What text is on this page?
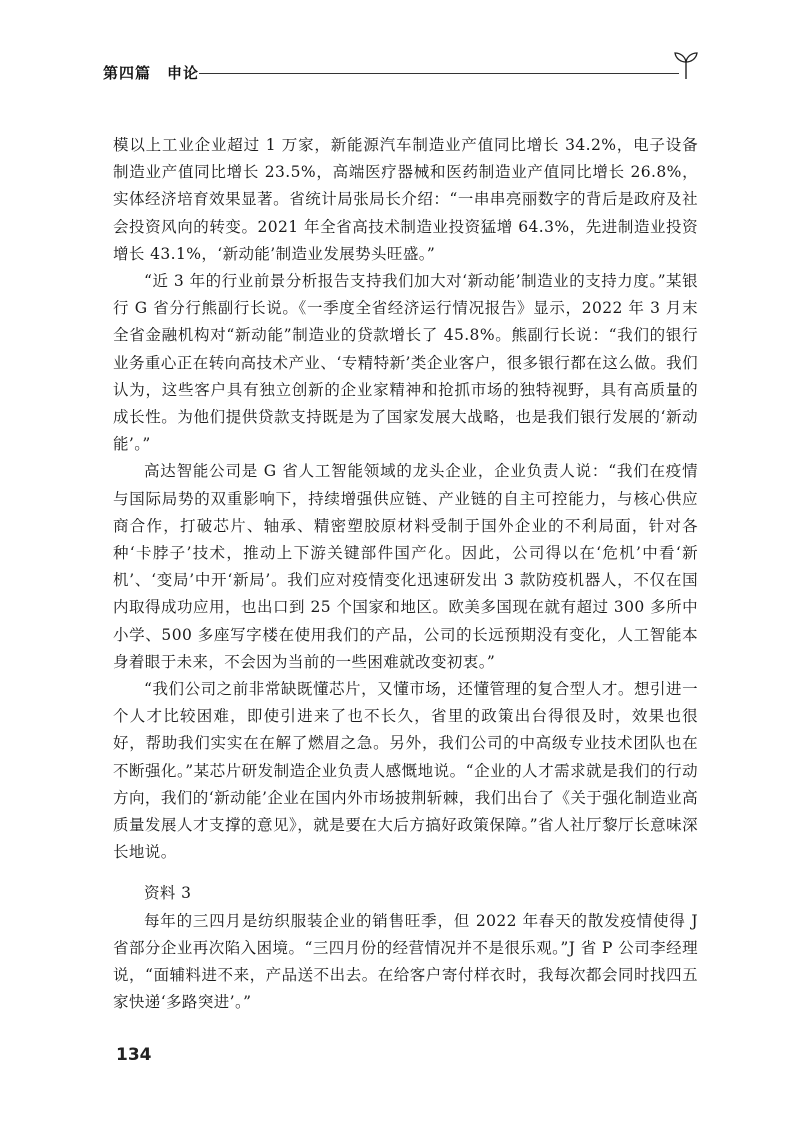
第四篇　申论

模以上工业企业超过 1 万家，新能源汽车制造业产值同比增长 34.2%，电子设备制造业产值同比增长 23.5%，高端医疗器械和医药制造业产值同比增长 26.8%，实体经济培育效果显著。省统计局张局长介绍：“一串串亮丽数字的背后是政府及社会投资风向的转变。2021 年全省高技术制造业投资猛增 64.3%，先进制造业投资增长 43.1%，‘新动能’制造业发展势头旺盛。”

“近 3 年的行业前景分析报告支持我们加大对‘新动能’制造业的支持力度。”某银行 G 省分行熊副行长说。《一季度全省经济运行情况报告》显示，2022 年 3 月末全省金融机构对“新动能”制造业的贷款增长了 45.8%。熊副行长说：“我们的银行业务重心正在转向高技术产业、‘专精特新’类企业客户，很多银行都在这么做。我们认为，这些客户具有独立创新的企业家精神和抢抓市场的独特视野，具有高质量的成长性。为他们提供贷款支持既是为了国家发展大战略，也是我们银行发展的‘新动能’。”

高达智能公司是 G 省人工智能领域的龙头企业，企业负责人说：“我们在疫情与国际局势的双重影响下，持续增强供应链、产业链的自主可控能力，与核心供应商合作，打破芯片、轴承、精密塑胶原材料受制于国外企业的不利局面，针对各种‘卡脖子’技术，推动上下游关键部件国产化。因此，公司得以在‘危机’中看‘新机’、‘变局’中开‘新局’。我们应对疫情变化迅速研发出 3 款防疫机器人，不仅在国内取得成功应用，也出口到 25 个国家和地区。欧美多国现在就有超过 300 多所中小学、500 多座写字楼在使用我们的产品，公司的长远预期没有变化，人工智能本身着眼于未来，不会因为当前的一些困难就改变初衷。”

“我们公司之前非常缺既懂芯片，又懂市场，还懂管理的复合型人才。想引进一个人才比较困难，即使引进来了也不长久，省里的政策出台得很及时，效果也很好，帮助我们实实在在解了燃眉之急。另外，我们公司的中高级专业技术团队也在不断强化。”某芯片研发制造企业负责人感慨地说。“企业的人才需求就是我们的行动方向，我们的‘新动能’企业在国内外市场披荆斩棘，我们出台了《关于强化制造业高质量发展人才支撑的意见》，就是要在大后方搞好政策保障。”省人社厅黎厅长意味深长地说。

资料 3

每年的三四月是纺织服装企业的销售旺季，但 2022 年春天的散发疫情使得 J 省部分企业再次陷入困境。“三四月份的经营情况并不是很乐观。”J 省 P 公司李经理说，“面辅料进不来，产品送不出去。在给客户寄付样衣时，我每次都会同时找四五家快递‘多路突进’。”

134
